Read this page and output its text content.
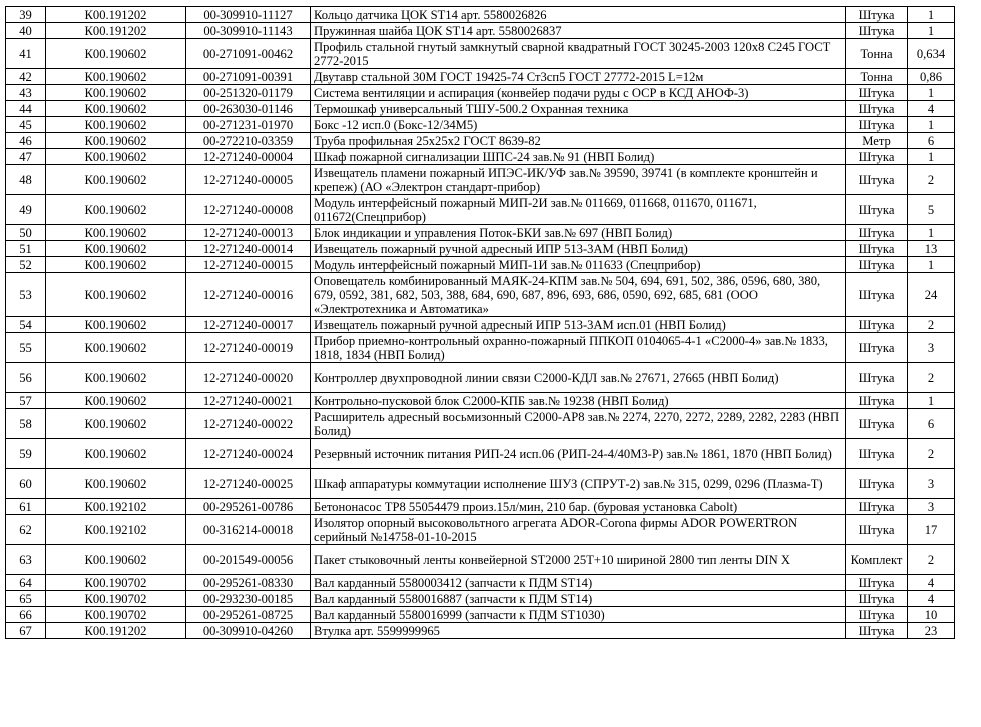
39	К00.191202	00-309910-11127	Кольцо датчика ЦОК ST14 арт. 5580026826	Штука	1
40	К00.191202	00-309910-11143	Пружинная шайба ЦОК ST14 арт. 5580026837	Штука	1
41	К00.190602	00-271091-00462	Профиль стальной гнутый замкнутый сварной квадратный ГОСТ 30245-2003 120х8 С245 ГОСТ 2772-2015	Тонна	0,634
42	К00.190602	00-271091-00391	Двутавр стальной 30М ГОСТ 19425-74 Ст3сп5 ГОСТ 27772-2015 L=12м	Тонна	0,86
43	К00.190602	00-251320-01179	Система вентиляции и аспирация (конвейер подачи руды с ОСР в КСД АНОФ-3)	Штука	1
44	К00.190602	00-263030-01146	Термошкаф универсальный ТШУ-500.2 Охранная техника	Штука	4
45	К00.190602	00-271231-01970	Бокс -12 исп.0 (Бокс-12/34М5)	Штука	1
46	К00.190602	00-272210-03359	Труба профильная 25х25х2 ГОСТ 8639-82	Метр	6
47	К00.190602	12-271240-00004	Шкаф пожарной сигнализации ШПС-24 зав.№ 91 (НВП Болид)	Штука	1
48	К00.190602	12-271240-00005	Извещатель пламени пожарный ИПЭС-ИК/УФ зав.№ 39590, 39741 (в комплекте кронштейн и крепеж) (АО «Электрон стандарт-прибор)	Штука	2
49	К00.190602	12-271240-00008	Модуль интерфейсный пожарный МИП-2И зав.№ 011669, 011668, 011670, 011671, 011672(Спецприбор)	Штука	5
50	К00.190602	12-271240-00013	Блок индикации и управления Поток-БКИ зав.№ 697 (НВП Болид)	Штука	1
51	К00.190602	12-271240-00014	Извещатель пожарный ручной адресный ИПР 513-3АМ (НВП Болид)	Штука	13
52	К00.190602	12-271240-00015	Модуль интерфейсный пожарный МИП-1И зав.№ 011633 (Спецприбор)	Штука	1
53	К00.190602	12-271240-00016	Оповещатель комбинированный МАЯК-24-КПМ зав.№ 504, 694, 691, 502, 386, 0596, 680, 380, 679, 0592, 381, 682, 503, 388, 684, 690, 687, 896, 693, 686, 0590, 692, 685, 681 (ООО «Электротехника и Автоматика»	Штука	24
54	К00.190602	12-271240-00017	Извещатель пожарный ручной адресный ИПР 513-3АМ исп.01 (НВП Болид)	Штука	2
55	К00.190602	12-271240-00019	Прибор приемно-контрольный охранно-пожарный ППКОП 0104065-4-1 «С2000-4» зав.№ 1833, 1818, 1834 (НВП Болид)	Штука	3
56	К00.190602	12-271240-00020	Контроллер двухпроводной линии связи С2000-КДЛ зав.№ 27671, 27665 (НВП Болид)	Штука	2
57	К00.190602	12-271240-00021	Контрольно-пусковой блок С2000-КПБ зав.№ 19238 (НВП Болид)	Штука	1
58	К00.190602	12-271240-00022	Расширитель адресный восьмизонный С2000-АР8 зав.№ 2274, 2270, 2272, 2289, 2282, 2283 (НВП Болид)	Штука	6
59	К00.190602	12-271240-00024	Резервный источник питания РИП-24 исп.06 (РИП-24-4/40М3-Р) зав.№ 1861, 1870 (НВП Болид)	Штука	2
60	К00.190602	12-271240-00025	Шкаф аппаратуры коммутации исполнение ШУЗ (СПРУТ-2) зав.№ 315, 0299, 0296 (Плазма-Т)	Штука	3
61	К00.192102	00-295261-00786	Бетононасос TP8 55054479 произ.15л/мин, 210 бар. (буровая установка Cabolt)	Штука	3
62	К00.192102	00-316214-00018	Изолятор опорный высоковольтного агрегата ADOR-Corona фирмы ADOR POWERTRON серийный №14758-01-10-2015	Штука	17
63	К00.190602	00-201549-00056	Пакет стыковочный ленты конвейерной ST2000 25T+10 шириной 2800 тип ленты DIN X	Комплект	2
64	К00.190702	00-295261-08330	Вал карданный 5580003412 (запчасти к ПДМ ST14)	Штука	4
65	К00.190702	00-293230-00185	Вал карданный 5580016887 (запчасти к ПДМ ST14)	Штука	4
66	К00.190702	00-295261-08725	Вал карданный 5580016999 (запчасти к ПДМ ST1030)	Штука	10
67	К00.191202	00-309910-04260	Втулка арт. 5599999965	Штука	23
